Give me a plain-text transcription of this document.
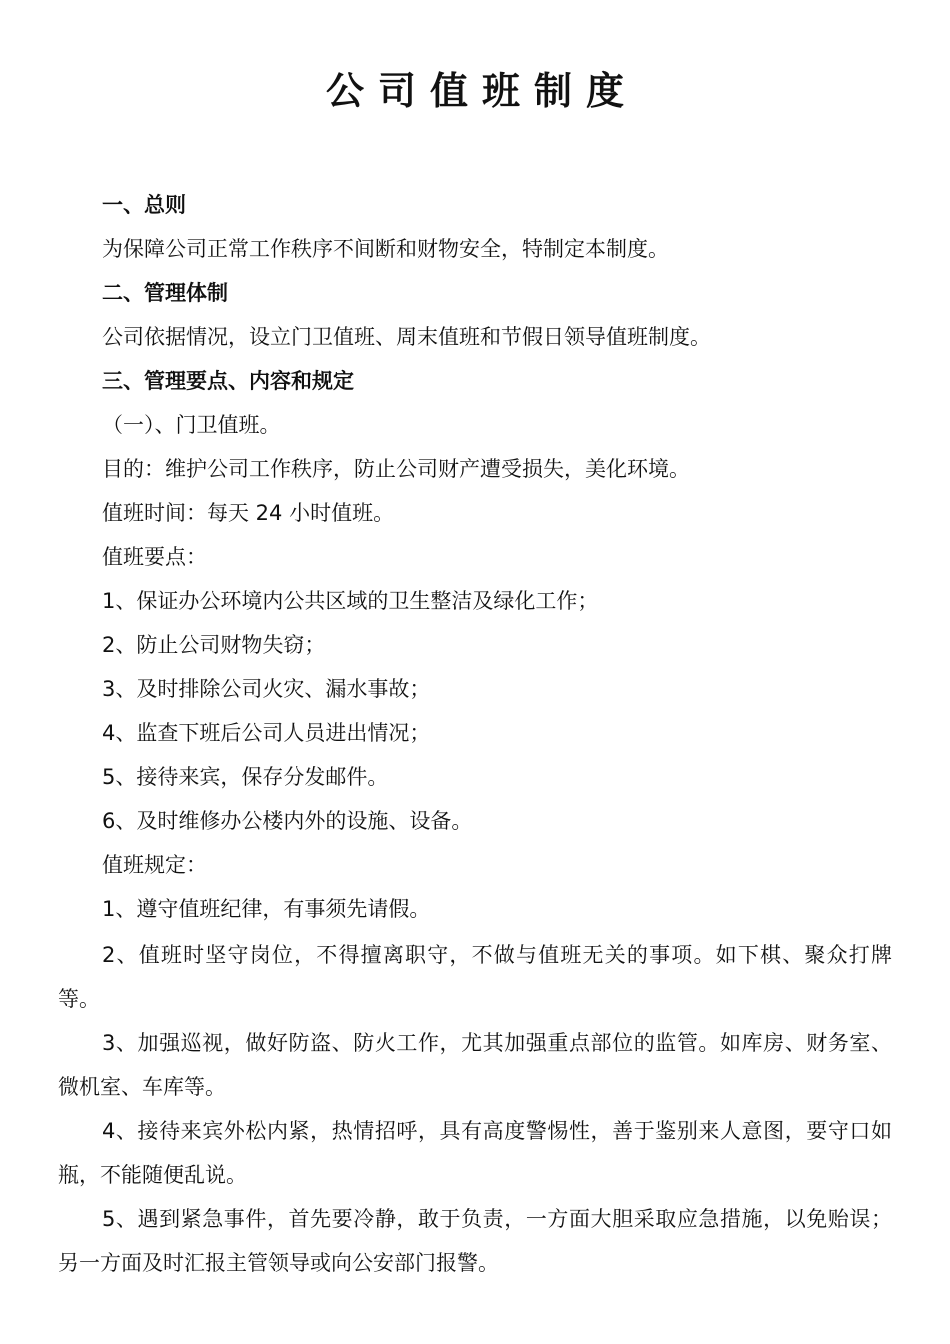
公司值班制度
一、总则
为保障公司正常工作秩序不间断和财物安全，特制定本制度。
二、管理体制
公司依据情况，设立门卫值班、周末值班和节假日领导值班制度。
三、管理要点、内容和规定
（一）、门卫值班。
目的：维护公司工作秩序，防止公司财产遭受损失，美化环境。
值班时间：每天 24 小时值班。
值班要点：
1、保证办公环境内公共区域的卫生整洁及绿化工作；
2、防止公司财物失窃；
3、及时排除公司火灾、漏水事故；
4、监查下班后公司人员进出情况；
5、接待来宾，保存分发邮件。
6、及时维修办公楼内外的设施、设备。
值班规定：
1、遵守值班纪律，有事须先请假。
2、值班时坚守岗位，不得擅离职守，不做与值班无关的事项。如下棋、聚众打牌等。
3、加强巡视，做好防盗、防火工作，尤其加强重点部位的监管。如库房、财务室、微机室、车库等。
4、接待来宾外松内紧，热情招呼，具有高度警惕性，善于鉴别来人意图，要守口如瓶，不能随便乱说。
5、遇到紧急事件，首先要冷静，敢于负责，一方面大胆采取应急措施，以免贻误；另一方面及时汇报主管领导或向公安部门报警。
